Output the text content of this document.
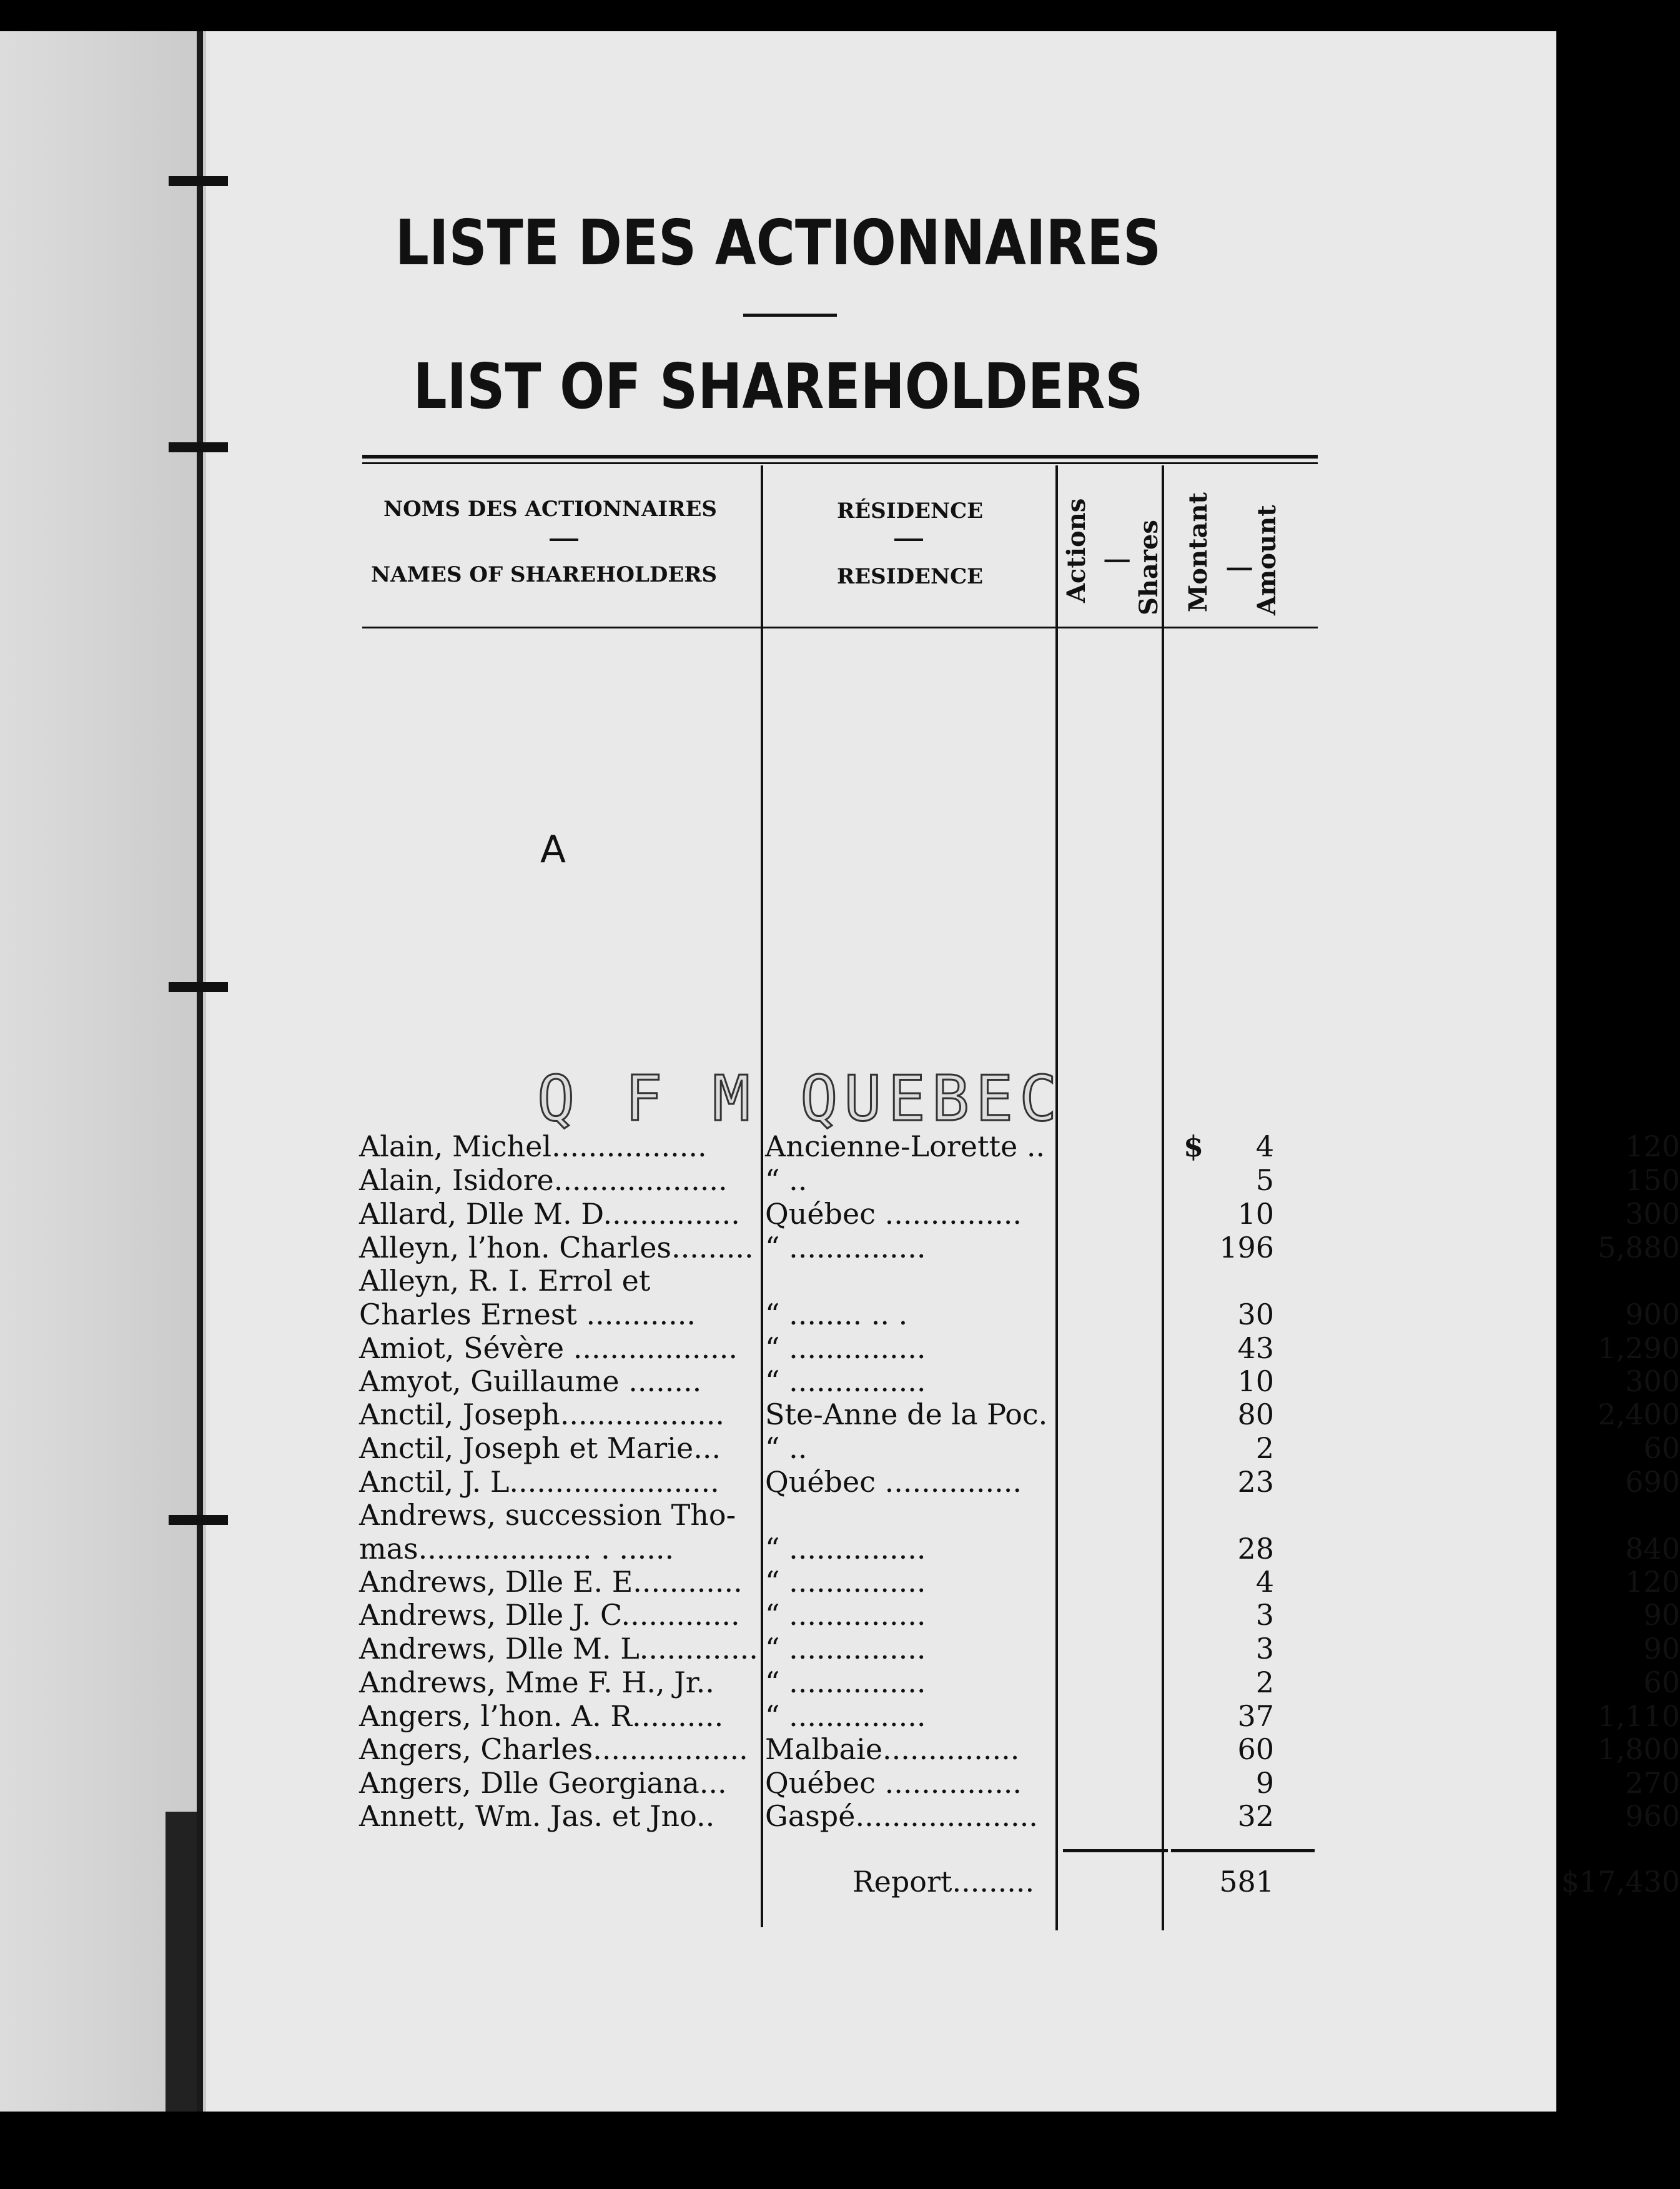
LISTE DES ACTIONNAIRES
LIST OF SHAREHOLDERS
NOMS DES ACTIONNAIRES
NAMES OF SHAREHOLDERS
RÉSIDENCE
RESIDENCE	Actions | Shares Montant | Amount
A
Q F M QUEBEC
Alain, Michel.................	Ancienne-Lorette ..	4	120
$
Alain, Isidore...................	“ ..	5	150
Allard, Dlle M. D............... Québec ...............	10	300
Alleyn, l’hon. Charles......... “ ...............	196	5,880
Alleyn, R. I. Errol et
Charles Ernest ............	“ ........ .. .	30	900
Amiot, Sévère .................. “ ...............	43	1,290
Amyot, Guillaume ........	“ ...............	10	300
Anctil, Joseph..................	Ste-Anne de la Poc.	80	2,400
Anctil, Joseph et Marie...	“ ..	2	60
Anctil, J. L.......................	Québec ...............	23	690
Andrews, succession Tho-
mas................... . ......	“ ...............	28	840
Andrews, Dlle E. E............ “ ...............	4	120
Andrews, Dlle J. C............. “ ...............	3	90
Andrews, Dlle M. L............. “ ...............	3	90
Andrews, Mme F. H., Jr..	“ ...............	2	60
Angers, l’hon. A. R..........	“ ...............	37	1,110
Angers, Charles................. Malbaie...............	60	1,800
Angers, Dlle Georgiana...	Québec ...............	9	270
Annett, Wm. Jas. et Jno..	Gaspé....................	32	960
Report.........	581	$17,430
